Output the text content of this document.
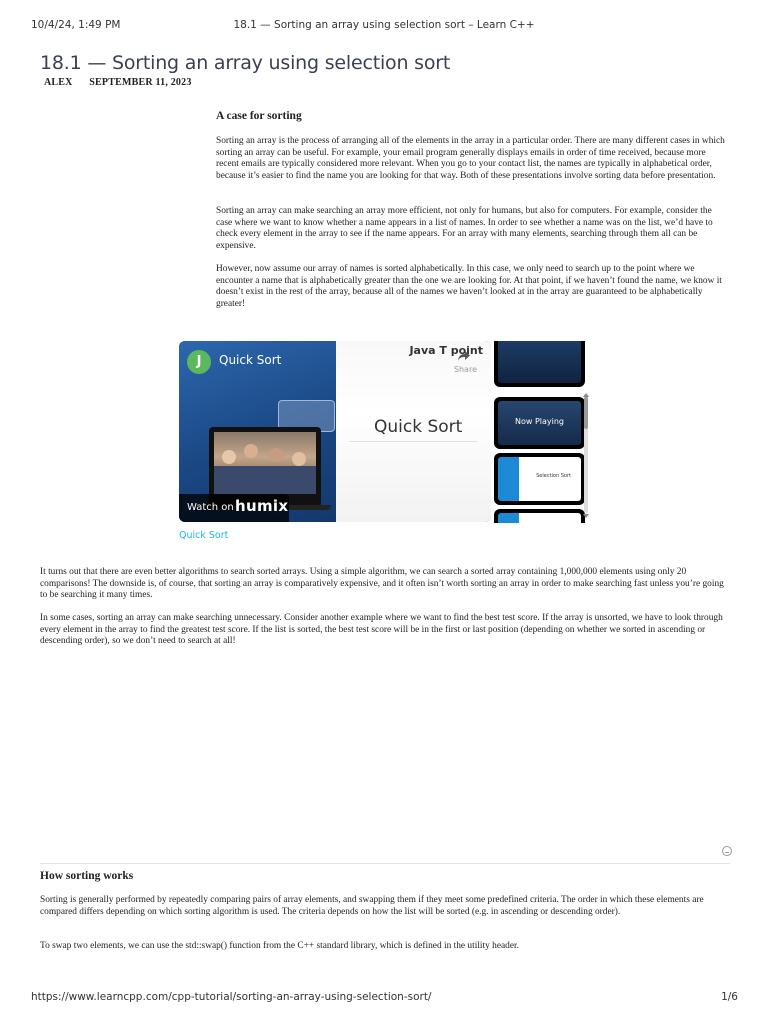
10/4/24, 1:49 PM	18.1 — Sorting an array using selection sort – Learn C++
18.1 — Sorting an array using selection sort
ALEX SEPTEMBER 11, 2023
A case for sorting

Sorting an array is the process of arranging all of the elements in the array in a particular order. There are many different cases in which sorting an array can be useful. For example, your email program generally displays emails in order of time received, because more recent emails are typically considered more relevant. When you go to your contact list, the names are typically in alphabetical order, because it’s easier to find the name you are looking for that way. Both of these presentations involve sorting data before presentation.

Sorting an array can make searching an array more efficient, not only for humans, but also for computers. For example, consider the case where we want to know whether a name appears in a list of names. In order to see whether a name was on the list, we’d have to check every element in the array to see if the name appears. For an array with many elements, searching through them all can be expensive.

However, now assume our array of names is sorted alphabetically. In this case, we only need to search up to the point where we encounter a name that is alphabetically greater than the one we are looking for. At that point, if we haven’t found the name, we know it doesn’t exist in the rest of the array, because all of the names we haven’t looked at in the array are guaranteed to be alphabetically greater!

J	Quick Sort
Java T point
Share
Quick Sort
Watch on humix
Now Playing
Selection Sort
Quick Sort

It turns out that there are even better algorithms to search sorted arrays. Using a simple algorithm, we can search a sorted array containing 1,000,000 elements using only 20 comparisons! The downside is, of course, that sorting an array is comparatively expensive, and it often isn’t worth sorting an array in order to make searching fast unless you’re going to be searching it many times.

In some cases, sorting an array can make searching unnecessary. Consider another example where we want to find the best test score. If the array is unsorted, we have to look through every element in the array to find the greatest test score. If the list is sorted, the best test score will be in the first or last position (depending on whether we sorted in ascending or descending order), so we don’t need to search at all!

How sorting works

Sorting is generally performed by repeatedly comparing pairs of array elements, and swapping them if they meet some predefined criteria. The order in which these elements are compared differs depending on which sorting algorithm is used. The criteria depends on how the list will be sorted (e.g. in ascending or descending order).

To swap two elements, we can use the std::swap() function from the C++ standard library, which is defined in the utility header.

https://www.learncpp.com/cpp-tutorial/sorting-an-array-using-selection-sort/	1/6
